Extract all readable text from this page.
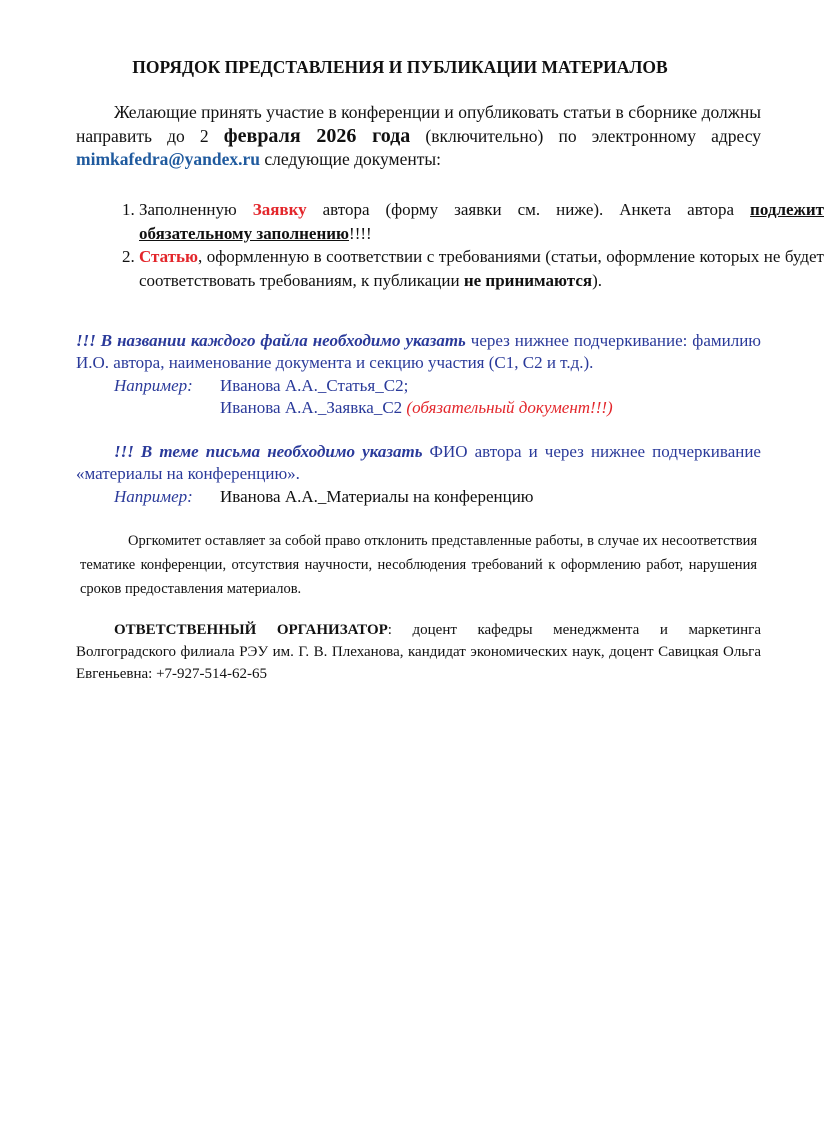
ПОРЯДОК ПРЕДСТАВЛЕНИЯ И ПУБЛИКАЦИИ МАТЕРИАЛОВ

Желающие принять участие в конференции и опубликовать статьи в сборнике должны направить до 2 февраля 2026 года (включительно) по электронному адресу mimkafedra@yandex.ru следующие документы:

1. Заполненную Заявку автора (форму заявки см. ниже). Анкета автора подлежит обязательному заполнению!!!!
2. Статью, оформленную в соответствии с требованиями (статьи, оформление которых не будет соответствовать требованиям, к публикации не принимаются).

!!! В названии каждого файла необходимо указать через нижнее подчеркивание: фамилию И.О. автора, наименование документа и секцию участия (С1, С2 и т.д.).

Например: Иванова А.А._Статья_С2;
Иванова А.А._Заявка_С2 (обязательный документ!!!)

!!! В теме письма необходимо указать ФИО автора и через нижнее подчеркивание «материалы на конференцию».

Например: Иванова А.А._Материалы на конференцию

Оргкомитет оставляет за собой право отклонить представленные работы, в случае их несоответствия тематике конференции, отсутствия научности, несоблюдения требований к оформлению работ, нарушения сроков предоставления материалов.

ОТВЕТСТВЕННЫЙ ОРГАНИЗАТОР: доцент кафедры менеджмента и маркетинга Волгоградского филиала РЭУ им. Г. В. Плеханова, кандидат экономических наук, доцент Савицкая Ольга Евгеньевна: +7-927-514-62-65
